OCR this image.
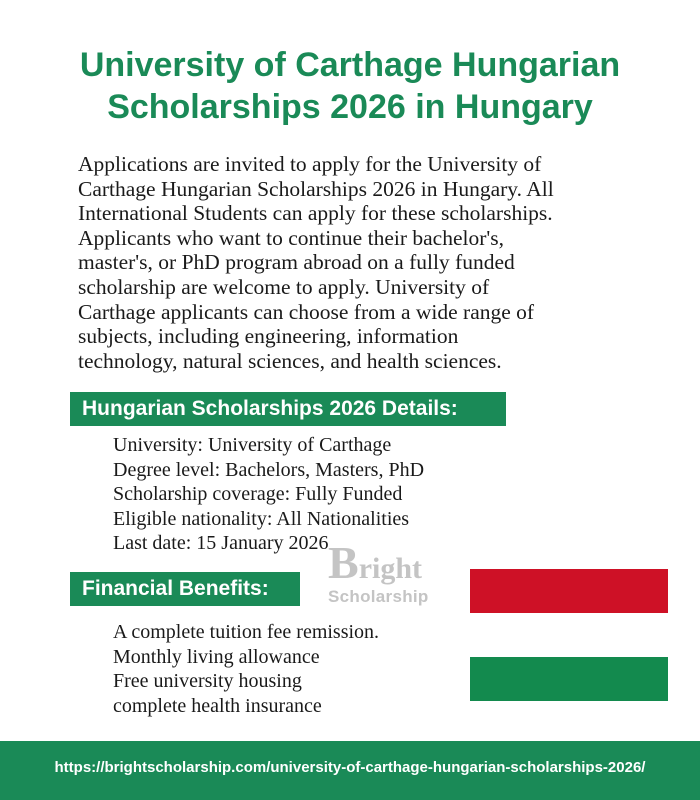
University of Carthage Hungarian
Scholarships 2026 in Hungary

Applications are invited to apply for the University of
Carthage Hungarian Scholarships 2026 in Hungary. All
International Students can apply for these scholarships.
Applicants who want to continue their bachelor's,
master's, or PhD program abroad on a fully funded
scholarship are welcome to apply. University of
Carthage applicants can choose from a wide range of
subjects, including engineering, information
technology, natural sciences, and health sciences.

Hungarian Scholarships 2026 Details:
University: University of Carthage
Degree level: Bachelors, Masters, PhD
Scholarship coverage: Fully Funded
Eligible nationality: All Nationalities
Last date: 15 January 2026 Bright
Scholarship
Financial Benefits:
A complete tuition fee remission.
Monthly living allowance
Free university housing
complete health insurance
https://brightscholarship.com/university-of-carthage-hungarian-scholarships-2026/
